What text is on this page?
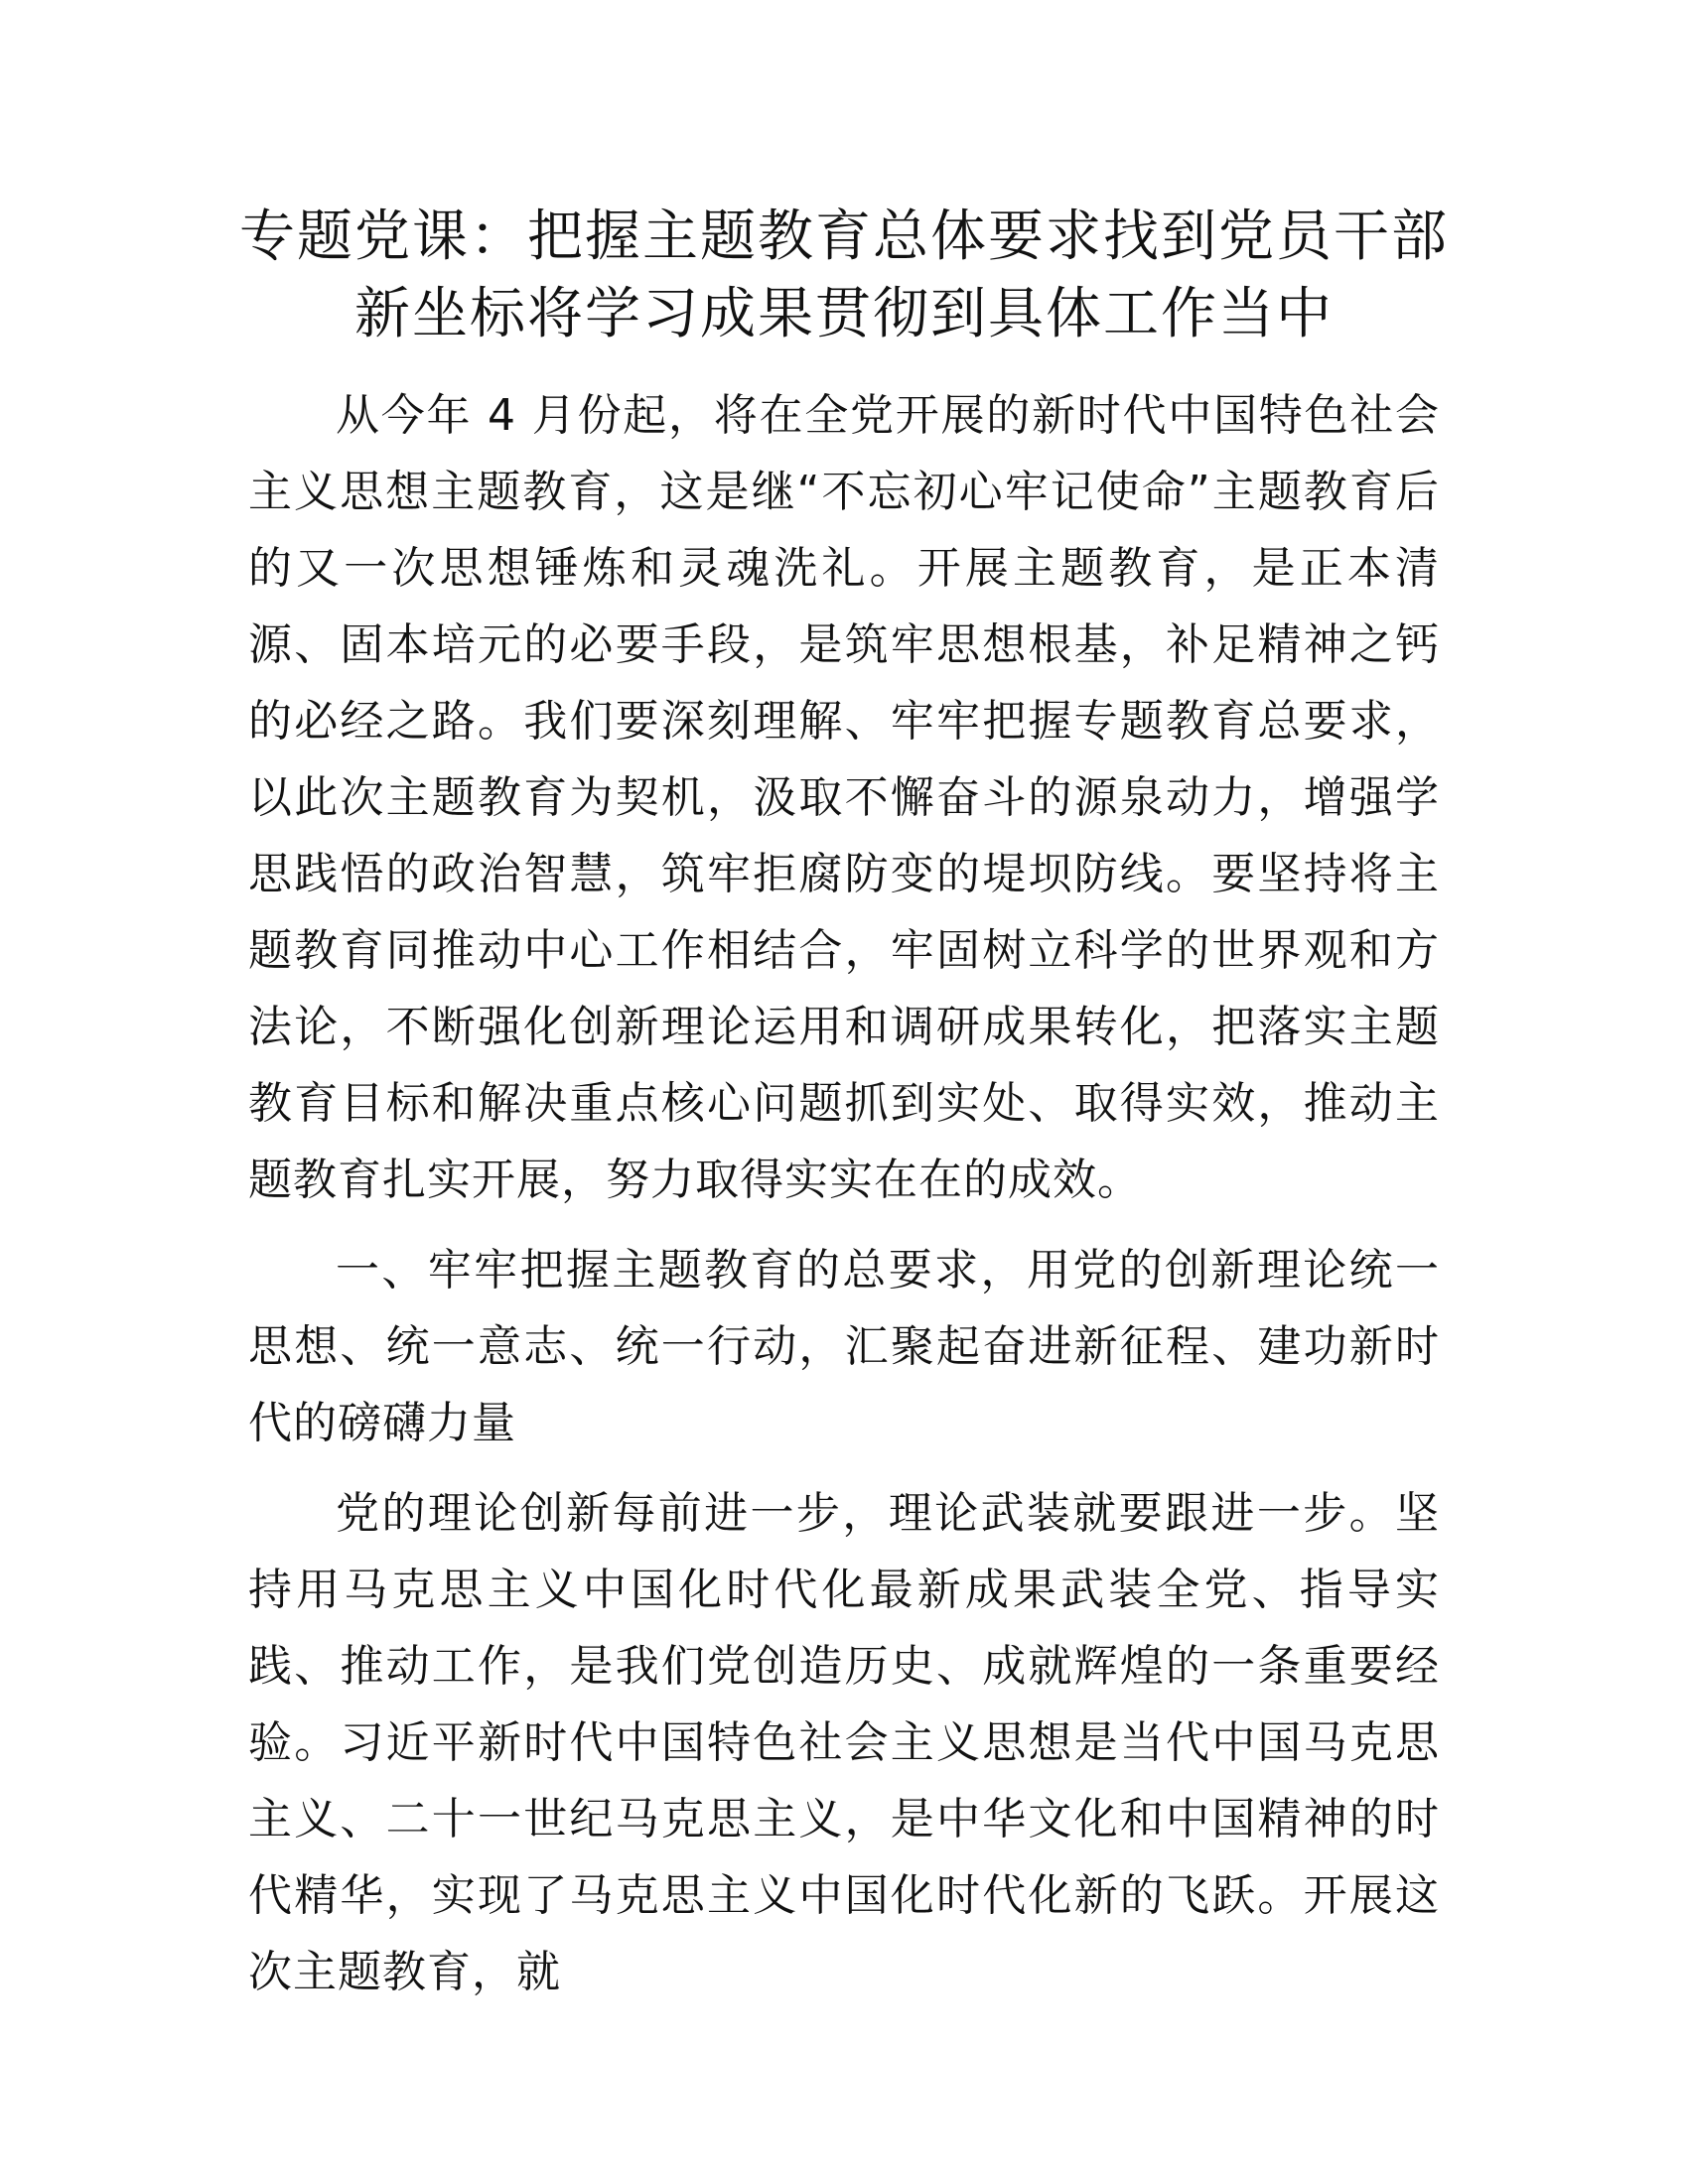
专题党课：把握主题教育总体要求找到党员干部新坐标将学习成果贯彻到具体工作当中

从今年 4 月份起，将在全党开展的新时代中国特色社会主义思想主题教育，这是继“不忘初心牢记使命”主题教育后的又一次思想锤炼和灵魂洗礼。开展主题教育，是正本清源、固本培元的必要手段，是筑牢思想根基，补足精神之钙的必经之路。我们要深刻理解、牢牢把握专题教育总要求，以此次主题教育为契机，汲取不懈奋斗的源泉动力，增强学思践悟的政治智慧，筑牢拒腐防变的堤坝防线。要坚持将主题教育同推动中心工作相结合，牢固树立科学的世界观和方法论，不断强化创新理论运用和调研成果转化，把落实主题教育目标和解决重点核心问题抓到实处、取得实效，推动主题教育扎实开展，努力取得实实在在的成效。

一、牢牢把握主题教育的总要求，用党的创新理论统一思想、统一意志、统一行动，汇聚起奋进新征程、建功新时代的磅礴力量

党的理论创新每前进一步，理论武装就要跟进一步。坚持用马克思主义中国化时代化最新成果武装全党、指导实践、推动工作，是我们党创造历史、成就辉煌的一条重要经验。习近平新时代中国特色社会主义思想是当代中国马克思主义、二十一世纪马克思主义，是中华文化和中国精神的时代精华，实现了马克思主义中国化时代化新的飞跃。开展这次主题教育，就
